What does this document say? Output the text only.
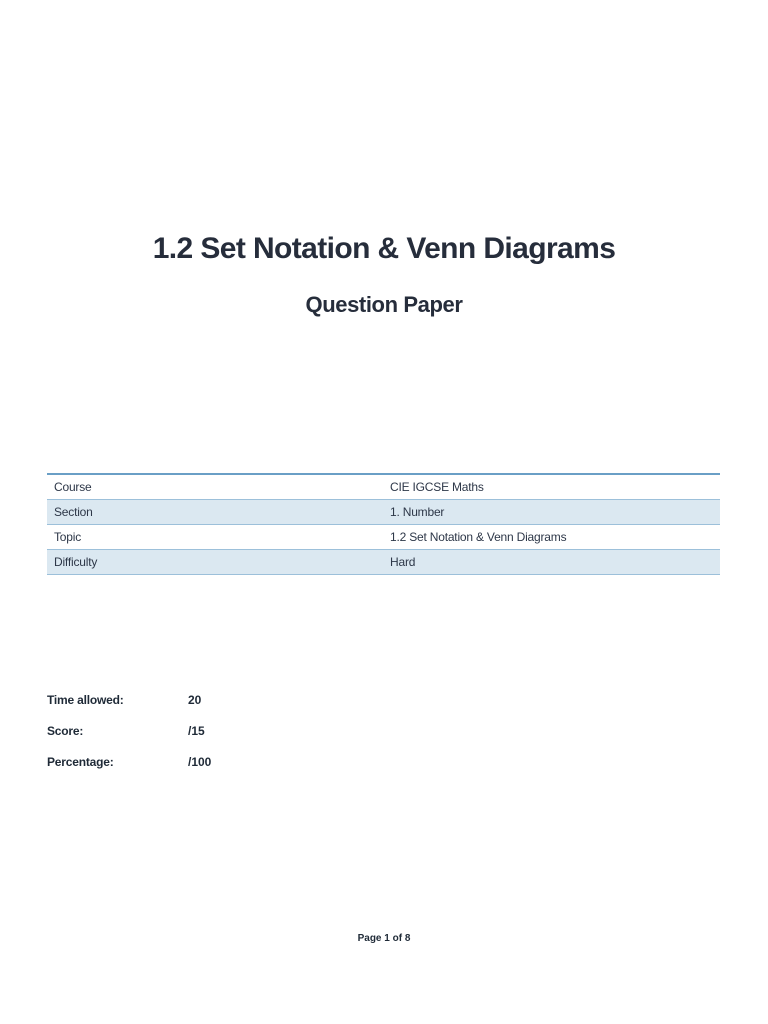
1.2 Set Notation & Venn Diagrams
Question Paper
Course	CIE IGCSE Maths
Section	1. Number
Topic	1.2 Set Notation & Venn Diagrams
Difficulty	Hard
Time allowed:	20
Score:	/15
Percentage:	/100
Page 1 of 8
